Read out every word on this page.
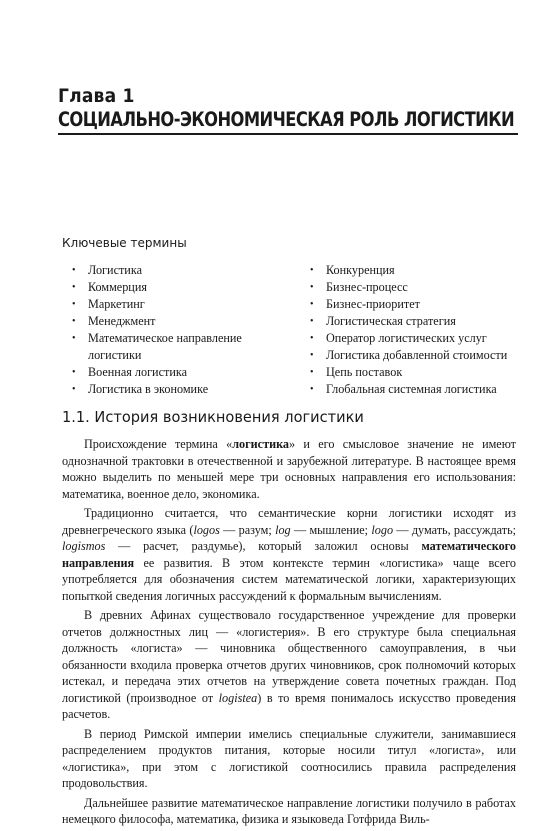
Глава 1
СОЦИАЛЬНО-ЭКОНОМИЧЕСКАЯ РОЛЬ ЛОГИСТИКИ
Ключевые термины
• Логистика
• Коммерция
• Маркетинг
• Менеджмент
• Математическое направление логистики
• Военная логистика
• Логистика в экономике
• Конкуренция
• Бизнес-процесс
• Бизнес-приоритет
• Логистическая стратегия
• Оператор логистических услуг
• Логистика добавленной стоимости
• Цепь поставок
• Глобальная системная логистика
1.1. История возникновения логистики

Происхождение термина «логистика» и его смысловое значение не имеют однозначной трактовки в отечественной и зарубежной литературе. В настоящее время можно выделить по меньшей мере три основных направления его использования: математика, военное дело, экономика.

Традиционно считается, что семантические корни логистики исходят из древнегреческого языка (logos — разум; log — мышление; logo — думать, рассуждать; logismos — расчет, раздумье), который заложил основы математического направления ее развития. В этом контексте термин «логистика» чаще всего употребляется для обозначения систем математической логики, характеризующих попыткой сведения логичных рассуждений к формальным вычислениям.

В древних Афинах существовало государственное учреждение для проверки отчетов должностных лиц — «логистерия». В его структуре была специальная должность «логиста» — чиновника общественного самоуправления, в чьи обязанности входила проверка отчетов других чиновников, срок полномочий которых истекал, и передача этих отчетов на утверждение совета почетных граждан. Под логистикой (производное от logistea) в то время понималось искусство проведения расчетов.

В период Римской империи имелись специальные служители, занимавшиеся распределением продуктов питания, которые носили титул «логиста», или «логистика», при этом с логистикой соотносились правила распределения продовольствия.

Дальнейшее развитие математическое направление логистики получило в работах немецкого философа, математика, физика и языковеда Готфрида Виль-
